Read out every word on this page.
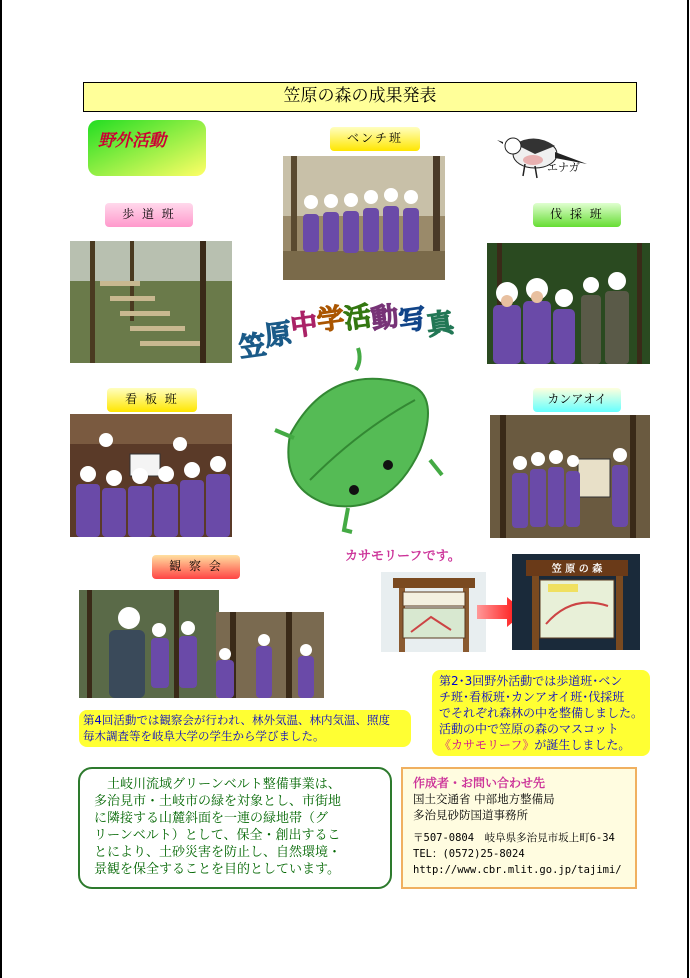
笠原の森の成果発表
野外活動	ベンチ班
エナガ
歩 道 班	伐 採 班
笠原中学活動写真
カサモリーフです。
看 板 班	カンアオイ
観 察 会	笠 原 の 森
第4回活動では観察会が行われ、林外気温、林内気温、照度
毎木調査等を岐阜大学の学生から学びました。
第2･3回野外活動では歩道班･ベン
チ班･看板班･カンアオイ班･伐採班
でそれぞれ森林の中を整備しました。
活動の中で笠原の森のマスコット
《カサモリーフ》が誕生しました。
　土岐川流域グリーンベルト整備事業は、
多治見市・土岐市の緑を対象とし、市街地
に隣接する山麓斜面を一連の緑地帯（グ
リーンベルト）として、保全・創出するこ
とにより、土砂災害を防止し、自然環境・
景観を保全することを目的としています。
作成者・お問い合わせ先
国土交通省 中部地方整備局
多治見砂防国道事務所
〒507-0804　岐阜県多治見市坂上町6-34
TEL：(0572)25-8024
http://www.cbr.mlit.go.jp/tajimi/
